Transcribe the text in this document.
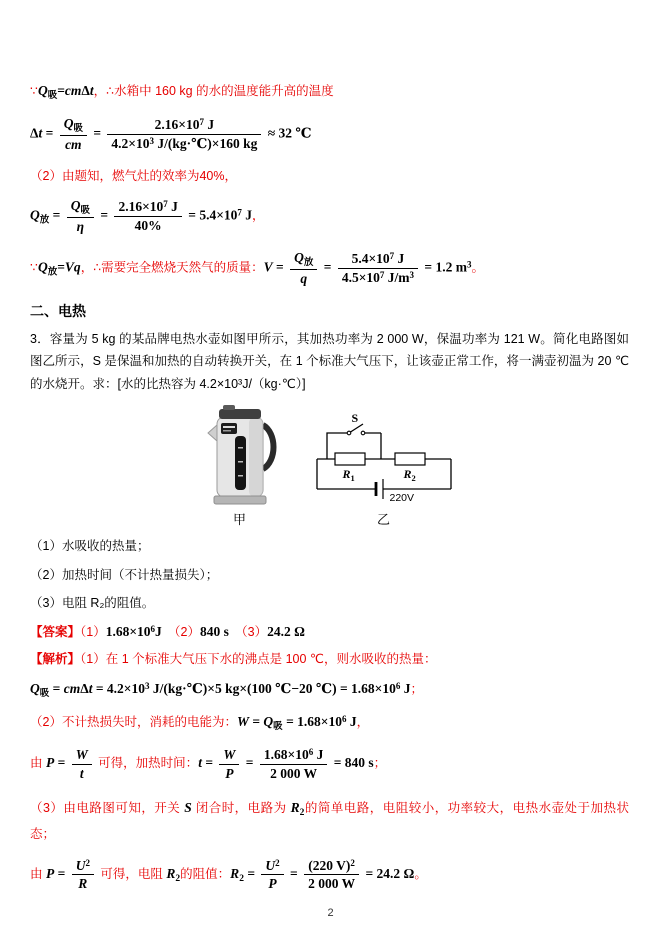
$\because Q_吸=cm\Delta t$，∴水箱中 160 kg 的水的温度能升高的温度

$\Delta t = \frac{Q_吸}{cm} = \frac{2.16\times 10^7 J}{4.2\times 10^3 J/(kg\cdot℃)\times 160 kg} \approx 32$ ℃

（2）由题知，燃气灶的效率为40%，

$Q_放 = \frac{Q_吸}{\eta} = \frac{2.16\times 10^7 J}{40\%} = 5.4\times 10^7$ J，

$\because Q_放=Vq$，∴需要完全燃烧天然气的质量：$V = \frac{Q_放}{q} = \frac{5.4\times 10^7 J}{4.5\times 10^7 J/m^3} = 1.2$ $m^3$。

二、电热

3．容量为 5 kg 的某品牌电热水壶如图甲所示，其加热功率为 2 000 W，保温功率为 121 W。简化电路图如图乙所示，S 是保温和加热的自动转换开关，在 1 个标准大气压下，让该壶正常工作，将一满壶初温为 20 ℃的水烧开。求：[水的比热容为 4.2×10³J/（kg·℃）]

甲
S
$R_1$	$R_2$
220V
乙

（1）水吸收的热量；

（2）加热时间（不计热量损失）；

（3）电阻 R₂的阻值。

【答案】$(1)1.68\times 10^6J$　（2）840 s　（3）24.2 Ω

【解析】（1）在 1 个标准大气压下水的沸点是 100 ℃，则水吸收的热量：

$Q_吸 = cm\Delta t = 4.2\times 10^3$ J/(kg·℃)×5 kg×(100 ℃−20 ℃) = $1.68\times 10^6$ J；

（2）不计热损失时，消耗的电能为：$W = Q_吸 = 1.68\times 10^6$ J，

由 $P = \frac{W}{t}$ 可得，加热时间：$t = \frac{W}{P} = \frac{1.68\times 10^6 J}{2 000 W} = 840$ s；

（3）由电路图可知，开关 S 闭合时，电路为 $R_2$的简单电路，电阻较小，功率较大，电热水壶处于加热状态；

由 $P = \frac{U^2}{R}$ 可得，电阻 $R_2$的阻值：$R_2 = \frac{U^2}{P} = \frac{(220 V)^2}{2 000 W} = 24.2$ Ω。

2
